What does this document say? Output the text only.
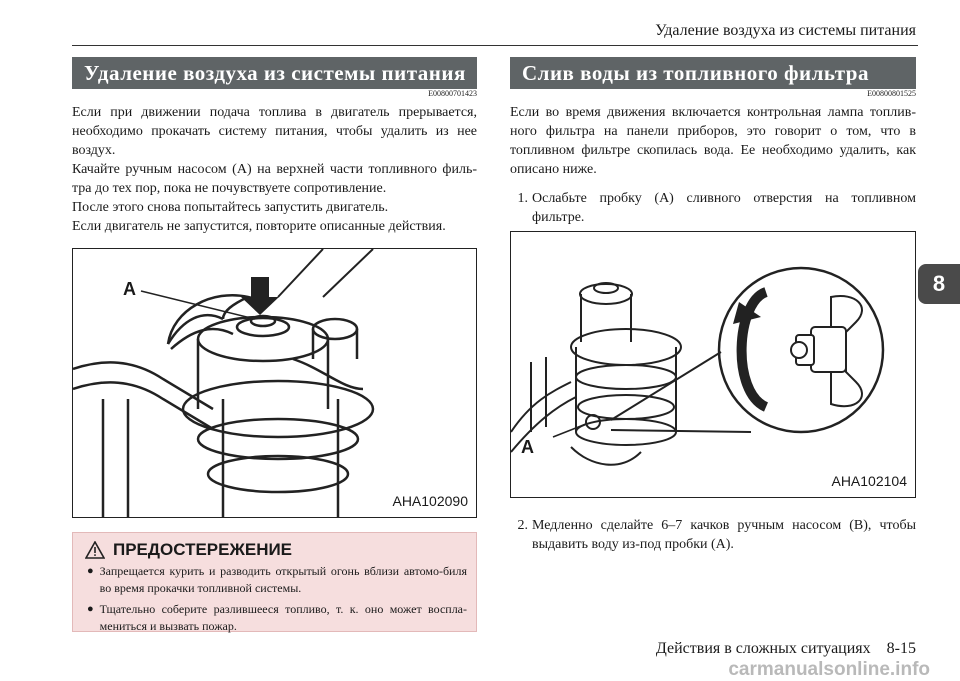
Удаление воздуха из системы питания
Удаление воздуха из системы питания
E00800701423

Если при движении подача топлива в двигатель прерывается, необходимо прокачать систему питания, чтобы удалить из нее воздух.

Качайте ручным насосом (A) на верхней части топливного филь-тра до тех пор, пока не почувствуете сопротивление.

После этого снова попытайтесь запустить двигатель.

Если двигатель не запустится, повторите описанные действия.

A
AHA102090
ПРЕДОСТЕРЕЖЕНИЕ
● Запрещается курить и разводить открытый огонь вблизи автомо-биля во время прокачки топливной системы.
● Тщательно соберите разлившееся топливо, т. к. оно может воспла-мениться и вызвать пожар.
Слив воды из топливного фильтра
E00800801525

Если во время движения включается контрольная лампа топлив-ного фильтра на панели приборов, это говорит о том, что в топливном фильтре скопилась вода. Ее необходимо удалить, как описано ниже.

1. Ослабьте пробку (A) сливного отверстия на топливном фильтре.
A
AHA102104
2. Медленно сделайте 6–7 качков ручным насосом (B), чтобы выдавить воду из-под пробки (A).
8
Действия в сложных ситуациях    8-15
carmanualsonline.info
